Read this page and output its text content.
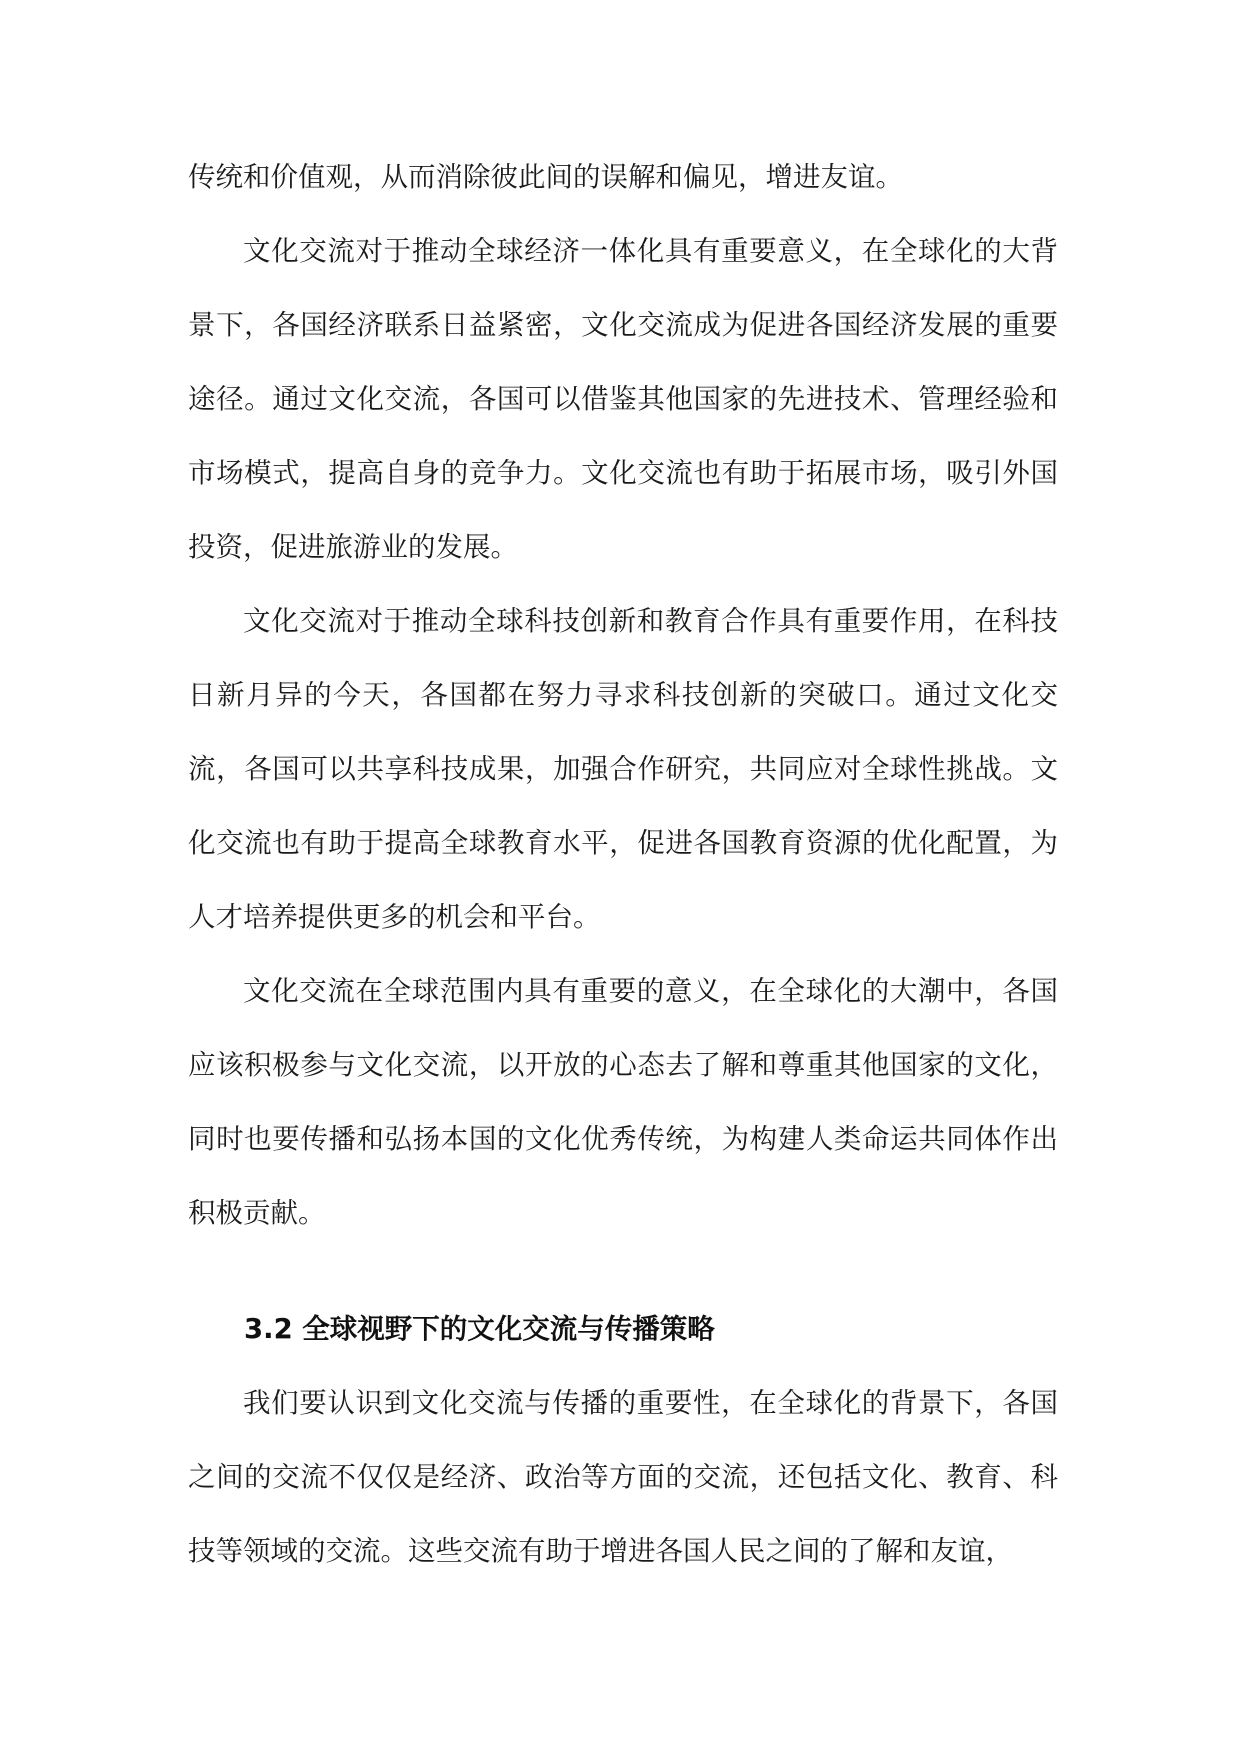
传统和价值观，从而消除彼此间的误解和偏见，增进友谊。

文化交流对于推动全球经济一体化具有重要意义，在全球化的大背景下，各国经济联系日益紧密，文化交流成为促进各国经济发展的重要途径。通过文化交流，各国可以借鉴其他国家的先进技术、管理经验和市场模式，提高自身的竞争力。文化交流也有助于拓展市场，吸引外国投资，促进旅游业的发展。

文化交流对于推动全球科技创新和教育合作具有重要作用，在科技日新月异的今天，各国都在努力寻求科技创新的突破口。通过文化交流，各国可以共享科技成果，加强合作研究，共同应对全球性挑战。文化交流也有助于提高全球教育水平，促进各国教育资源的优化配置，为人才培养提供更多的机会和平台。

文化交流在全球范围内具有重要的意义，在全球化的大潮中，各国应该积极参与文化交流，以开放的心态去了解和尊重其他国家的文化，同时也要传播和弘扬本国的文化优秀传统，为构建人类命运共同体作出积极贡献。

3.2 全球视野下的文化交流与传播策略

我们要认识到文化交流与传播的重要性，在全球化的背景下，各国之间的交流不仅仅是经济、政治等方面的交流，还包括文化、教育、科技等领域的交流。这些交流有助于增进各国人民之间的了解和友谊，
